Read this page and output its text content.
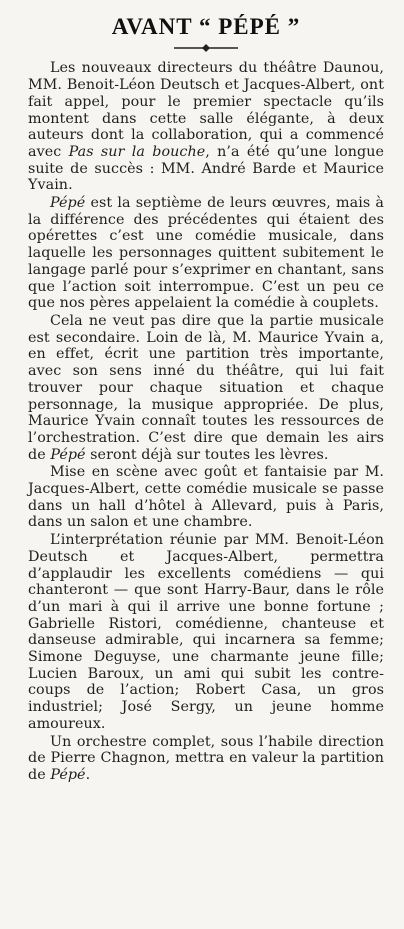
AVANT “ PÉPÉ ”

Les nouveaux directeurs du théâtre Daunou, MM. Benoit-Léon Deutsch et Jacques-Albert, ont fait appel, pour le premier spectacle qu’ils montent dans cette salle élégante, à deux auteurs dont la collaboration, qui a commencé avec Pas sur la bouche, n’a été qu’une longue suite de succès : MM. André Barde et Maurice Yvain.

Pépé est la septième de leurs œuvres, mais à la différence des précédentes qui étaient des opérettes c’est une comédie musicale, dans laquelle les personnages quittent subitement le langage parlé pour s’exprimer en chantant, sans que l’action soit interrompue. C’est un peu ce que nos pères appelaient la comédie à couplets.

Cela ne veut pas dire que la partie musicale est secondaire. Loin de là, M. Maurice Yvain a, en effet, écrit une partition très importante, avec son sens inné du théâtre, qui lui fait trouver pour chaque situation et chaque personnage, la musique appropriée. De plus, Maurice Yvain connaît toutes les ressources de l’orchestration. C’est dire que demain les airs de Pépé seront déjà sur toutes les lèvres.

Mise en scène avec goût et fantaisie par M. Jacques-Albert, cette comédie musicale se passe dans un hall d’hôtel à Allevard, puis à Paris, dans un salon et une chambre.

L’interprétation réunie par MM. Benoit-Léon Deutsch et Jacques-Albert, permettra d’applaudir les excellents comédiens — qui chanteront — que sont Harry-Baur, dans le rôle d’un mari à qui il arrive une bonne fortune ; Gabrielle Ristori, comédienne, chanteuse et danseuse admirable, qui incarnera sa femme; Simone Deguyse, une charmante jeune fille; Lucien Baroux, un ami qui subit les contre-coups de l’action; Robert Casa, un gros industriel; José Sergy, un jeune homme amoureux.

Un orchestre complet, sous l’habile direction de Pierre Chagnon, mettra en valeur la partition de Pépé.
